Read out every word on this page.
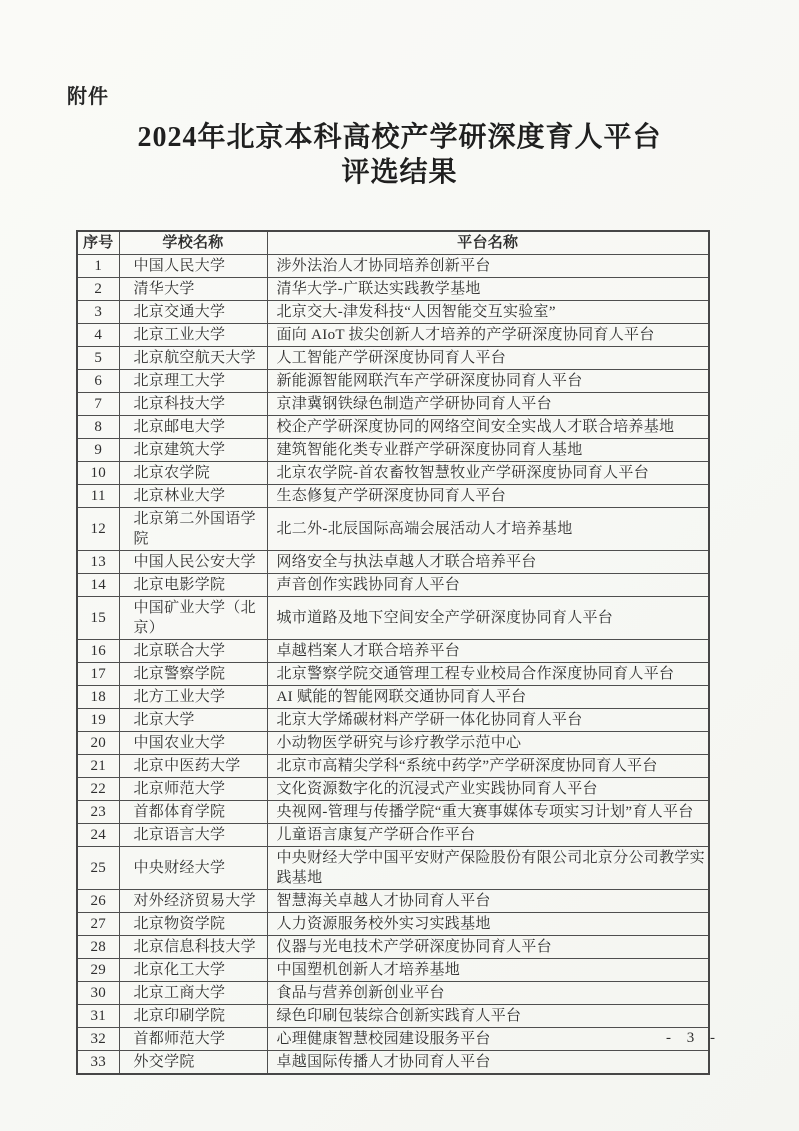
附件
2024年北京本科高校产学研深度育人平台
评选结果
序号	学校名称	平台名称
1	中国人民大学	涉外法治人才协同培养创新平台
2	清华大学	清华大学-广联达实践教学基地
3	北京交通大学	北京交大-津发科技“人因智能交互实验室”
4	北京工业大学	面向 AIoT 拔尖创新人才培养的产学研深度协同育人平台
5	北京航空航天大学	人工智能产学研深度协同育人平台
6	北京理工大学	新能源智能网联汽车产学研深度协同育人平台
7	北京科技大学	京津冀钢铁绿色制造产学研协同育人平台
8	北京邮电大学	校企产学研深度协同的网络空间安全实战人才联合培养基地
9	北京建筑大学	建筑智能化类专业群产学研深度协同育人基地
10	北京农学院	北京农学院-首农畜牧智慧牧业产学研深度协同育人平台
11	北京林业大学	生态修复产学研深度协同育人平台
12	北京第二外国语学院	北二外-北辰国际高端会展活动人才培养基地
13	中国人民公安大学	网络安全与执法卓越人才联合培养平台
14	北京电影学院	声音创作实践协同育人平台
15	中国矿业大学（北京）	城市道路及地下空间安全产学研深度协同育人平台
16	北京联合大学	卓越档案人才联合培养平台
17	北京警察学院	北京警察学院交通管理工程专业校局合作深度协同育人平台
18	北方工业大学	AI 赋能的智能网联交通协同育人平台
19	北京大学	北京大学烯碳材料产学研一体化协同育人平台
20	中国农业大学	小动物医学研究与诊疗教学示范中心
21	北京中医药大学	北京市高精尖学科“系统中药学”产学研深度协同育人平台
22	北京师范大学	文化资源数字化的沉浸式产业实践协同育人平台
23	首都体育学院	央视网-管理与传播学院“重大赛事媒体专项实习计划”育人平台
24	北京语言大学	儿童语言康复产学研合作平台
25	中央财经大学	中央财经大学中国平安财产保险股份有限公司北京分公司教学实践基地
26	对外经济贸易大学	智慧海关卓越人才协同育人平台
27	北京物资学院	人力资源服务校外实习实践基地
28	北京信息科技大学	仪器与光电技术产学研深度协同育人平台
29	北京化工大学	中国塑机创新人才培养基地
30	北京工商大学	食品与营养创新创业平台
31	北京印刷学院	绿色印刷包装综合创新实践育人平台
32	首都师范大学	心理健康智慧校园建设服务平台
33	外交学院	卓越国际传播人才协同育人平台
- 3 -
